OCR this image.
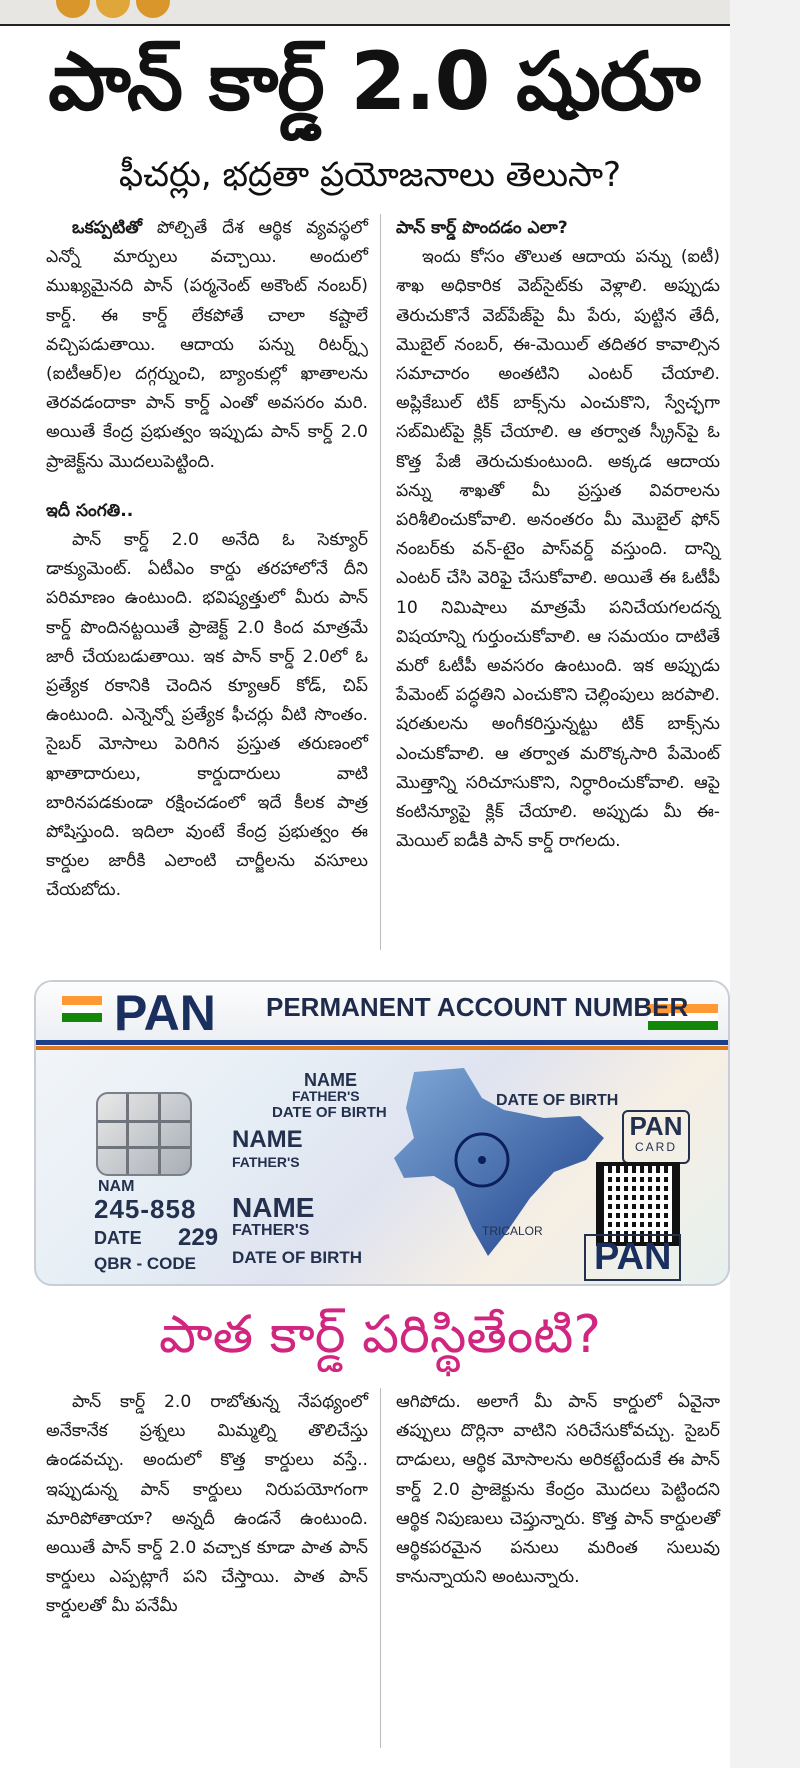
పాన్ కార్డ్ 2.0 షురూ
ఫీచర్లు, భద్రతా ప్రయోజనాలు తెలుసా?

ఒకప్పటితో పోల్చితే దేశ ఆర్థిక వ్యవస్థలో ఎన్నో మార్పులు వచ్చాయి. అందులో ముఖ్యమైనది పాన్ (పర్మనెంట్ అకౌంట్ నంబర్) కార్డ్. ఈ కార్డ్ లేకపోతే చాలా కష్టాలే వచ్చిపడుతాయి. ఆదాయ పన్ను రిటర్న్స్ (ఐటీఆర్)ల దగ్గర్నుంచి, బ్యాంకుల్లో ఖాతాలను తెరవడందాకా పాన్ కార్డ్ ఎంతో అవసరం మరి. అయితే కేంద్ర ప్రభుత్వం ఇప్పుడు పాన్ కార్డ్ 2.0 ప్రాజెక్ట్‌ను మొదలుపెట్టింది.

ఇదీ సంగతి..

పాన్ కార్డ్ 2.0 అనేది ఓ సెక్యూర్ డాక్యుమెంట్. ఏటీఎం కార్డు తరహాలోనే దీని పరిమాణం ఉంటుంది. భవిష్యత్తులో మీరు పాన్ కార్డ్ పొందినట్టయితే ప్రాజెక్ట్ 2.0 కింద మాత్రమే జారీ చేయబడుతాయి. ఇక పాన్ కార్డ్ 2.0లో ఓ ప్రత్యేక రకానికి చెందిన క్యూఆర్ కోడ్, చిప్ ఉంటుంది. ఎన్నెన్నో ప్రత్యేక ఫీచర్లు వీటి సొంతం. సైబర్ మోసాలు పెరిగిన ప్రస్తుత తరుణంలో ఖాతాదారులు, కార్డుదారులు వాటి బారినపడకుండా రక్షించడంలో ఇదే కీలక పాత్ర పోషిస్తుంది. ఇదిలా వుంటే కేంద్ర ప్రభుత్వం ఈ కార్డుల జారీకి ఎలాంటి చార్జీలను వసూలు చేయబోదు.

పాన్ కార్డ్ పొందడం ఎలా?

ఇందు కోసం తొలుత ఆదాయ పన్ను (ఐటీ) శాఖ అధికారిక వెబ్‌సైట్‌కు వెళ్లాలి. అప్పుడు తెరుచుకొనే వెబ్‌పేజ్‌పై మీ పేరు, పుట్టిన తేదీ, మొబైల్ నంబర్, ఈ-మెయిల్ తదితర కావాల్సిన సమాచారం అంతటిని ఎంటర్ చేయాలి. అప్లికేబుల్ టిక్ బాక్స్‌ను ఎంచుకొని, స్వేచ్ఛగా సబ్‌మిట్‌పై క్లిక్ చేయాలి. ఆ తర్వాత స్క్రీన్‌పై ఓ కొత్త పేజీ తెరుచుకుంటుంది. అక్కడ ఆదాయ పన్ను శాఖతో మీ ప్రస్తుత వివరాలను పరిశీలించుకోవాలి. అనంతరం మీ మొబైల్ ఫోన్ నంబర్‌కు వన్-టైం పాస్‌వర్డ్ వస్తుంది. దాన్ని ఎంటర్ చేసి వెరిఫై చేసుకోవాలి. అయితే ఈ ఓటీపీ 10 నిమిషాలు మాత్రమే పనిచేయగలదన్న విషయాన్ని గుర్తుంచుకోవాలి. ఆ సమయం దాటితే మరో ఓటీపీ అవసరం ఉంటుంది. ఇక అప్పుడు పేమెంట్ పద్ధతిని ఎంచుకొని చెల్లింపులు జరపాలి. షరతులను అంగీకరిస్తున్నట్టు టిక్ బాక్స్‌ను ఎంచుకోవాలి. ఆ తర్వాత మరొక్కసారి పేమెంట్ మొత్తాన్ని సరిచూసుకొని, నిర్ధారించుకోవాలి. ఆపై కంటిన్యూపై క్లిక్ చేయాలి. అప్పుడు మీ ఈ-మెయిల్ ఐడీకి పాన్ కార్డ్ రాగలదు.

PAN PERMANENT ACCOUNT NUMBER
NAM
245-858
DATE 229
QBR - CODE
NAME
FATHER'S
DATE OF BIRTH
NAME
FATHER'S
NAME
FATHER'S
DATE OF BIRTH
DATE OF BIRTH
PAN
CARD
TRICALOR
PAN
పాత కార్డ్ పరిస్థితేంటి?

పాన్ కార్డ్ 2.0 రాబోతున్న నేపథ్యంలో అనేకానేక ప్రశ్నలు మిమ్మల్ని తొలిచేస్తు ఉండవచ్చు. అందులో కొత్త కార్డులు వస్తే.. ఇప్పుడున్న పాన్ కార్డులు నిరుపయోగంగా మారిపోతాయా? అన్నదీ ఉండనే ఉంటుంది. అయితే పాన్ కార్డ్ 2.0 వచ్చాక కూడా పాత పాన్ కార్డులు ఎప్పట్లాగే పని చేస్తాయి. పాత పాన్ కార్డులతో మీ పనేమీ

ఆగిపోదు. అలాగే మీ పాన్ కార్డులో ఏవైనా తప్పులు దొర్లినా వాటిని సరిచేసుకోవచ్చు. సైబర్ దాడులు, ఆర్థిక మోసాలను అరికట్టేందుకే ఈ పాన్ కార్డ్ 2.0 ప్రాజెక్టును కేంద్రం మొదలు పెట్టిందని ఆర్థిక నిపుణులు చెప్తున్నారు. కొత్త పాన్ కార్డులతో ఆర్థికపరమైన పనులు మరింత సులువు కానున్నాయని అంటున్నారు.
